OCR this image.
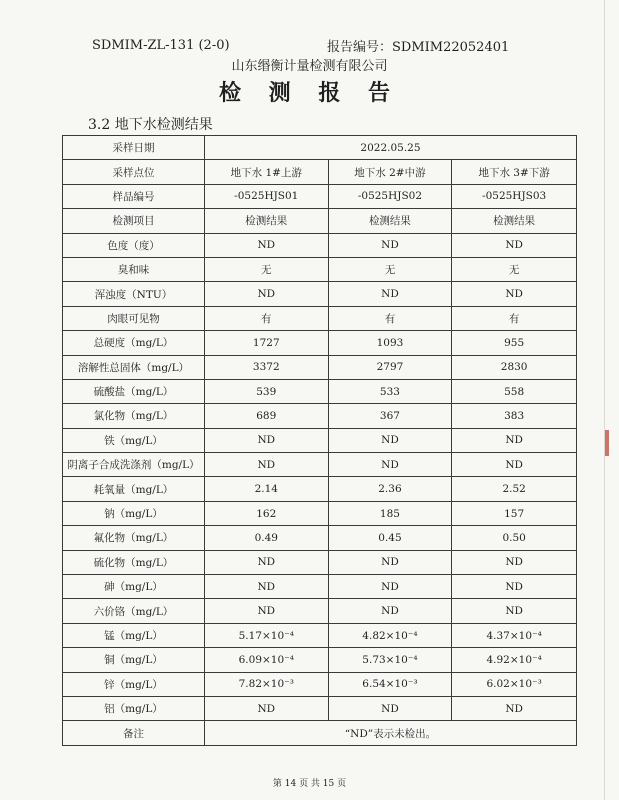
SDMIM-ZL-131 (2-0)	报告编号：SDMIM22052401
山东缗衡计量检测有限公司
检 测 报 告
3.2 地下水检测结果
采样日期	2022.05.25		
采样点位	地下水 1#上游	地下水 2#中游	地下水 3#下游
样品编号	-0525HJS01	-0525HJS02	-0525HJS03
检测项目	检测结果	检测结果	检测结果
色度（度）	ND	ND	ND
臭和味	无	无	无
浑浊度（NTU）	ND	ND	ND
肉眼可见物	有	有	有
总硬度（mg/L）	1727	1093	955
溶解性总固体（mg/L）	3372	2797	2830
硫酸盐（mg/L）	539	533	558
氯化物（mg/L）	689	367	383
铁（mg/L）	ND	ND	ND
阴离子合成洗涤剂（mg/L）	ND	ND	ND
耗氧量（mg/L）	2.14	2.36	2.52
钠（mg/L）	162	185	157
氟化物（mg/L）	0.49	0.45	0.50
硫化物（mg/L）	ND	ND	ND
砷（mg/L）	ND	ND	ND
六价铬（mg/L）	ND	ND	ND
锰（mg/L）	5.17×10⁻⁴	4.82×10⁻⁴	4.37×10⁻⁴
铜（mg/L）	6.09×10⁻⁴	5.73×10⁻⁴	4.92×10⁻⁴
锌（mg/L）	7.82×10⁻³	6.54×10⁻³	6.02×10⁻³
铝（mg/L）	ND	ND	ND
备注	“ND”表示未检出。		
第 14 页 共 15 页
